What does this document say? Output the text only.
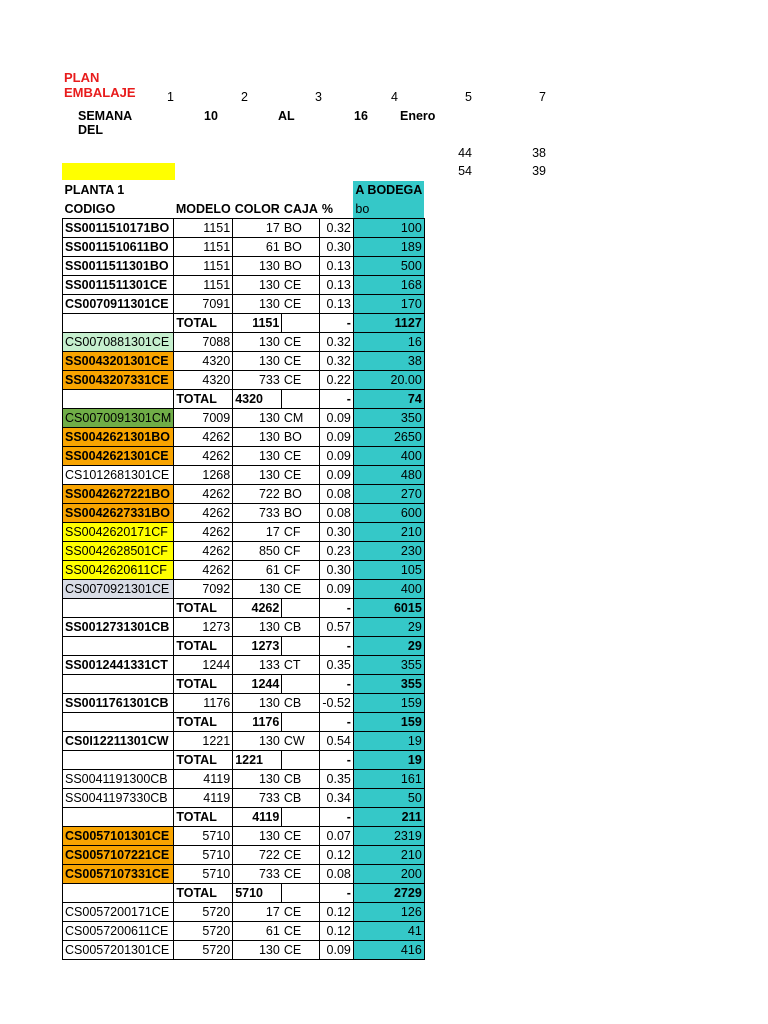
PLAN EMBALAJE	1	2	3	4	5	7
SEMANA DEL
10	AL	16	Enero
44	38
54	39
PLANTA 1					A BODEGA
CODIGO	MODELO	COLOR	CAJA	%	bo
SS0011510171BO	1151	17	BO	0.32	100
SS0011510611BO	1151	61	BO	0.30	189
SS0011511301BO	1151	130	BO	0.13	500
SS0011511301CE	1151	130	CE	0.13	168
CS0070911301CE	7091	130	CE	0.13	170
	TOTAL	1151		-	1127
CS0070881301CE	7088	130	CE	0.32	16
SS0043201301CE	4320	130	CE	0.32	38
SS0043207331CE	4320	733	CE	0.22	20.00
	TOTAL	4320		-	74
CS0070091301CM	7009	130	CM	0.09	350
SS0042621301BO	4262	130	BO	0.09	2650
SS0042621301CE	4262	130	CE	0.09	400
CS1012681301CE	1268	130	CE	0.09	480
SS0042627221BO	4262	722	BO	0.08	270
SS0042627331BO	4262	733	BO	0.08	600
SS0042620171CF	4262	17	CF	0.30	210
SS0042628501CF	4262	850	CF	0.23	230
SS0042620611CF	4262	61	CF	0.30	105
CS0070921301CE	7092	130	CE	0.09	400
	TOTAL	4262		-	6015
SS0012731301CB	1273	130	CB	0.57	29
	TOTAL	1273		-	29
SS0012441331CT	1244	133	CT	0.35	355
	TOTAL	1244		-	355
SS0011761301CB	1176	130	CB	-0.52	159
	TOTAL	1176		-	159
CS0I12211301CW	1221	130	CW	0.54	19
	TOTAL	1221		-	19
SS0041191300CB	4119	130	CB	0.35	161
SS0041197330CB	4119	733	CB	0.34	50
	TOTAL	4119		-	211
CS0057101301CE	5710	130	CE	0.07	2319
CS0057107221CE	5710	722	CE	0.12	210
CS0057107331CE	5710	733	CE	0.08	200
	TOTAL	5710		-	2729
CS0057200171CE	5720	17	CE	0.12	126
CS0057200611CE	5720	61	CE	0.12	41
CS0057201301CE	5720	130	CE	0.09	416
